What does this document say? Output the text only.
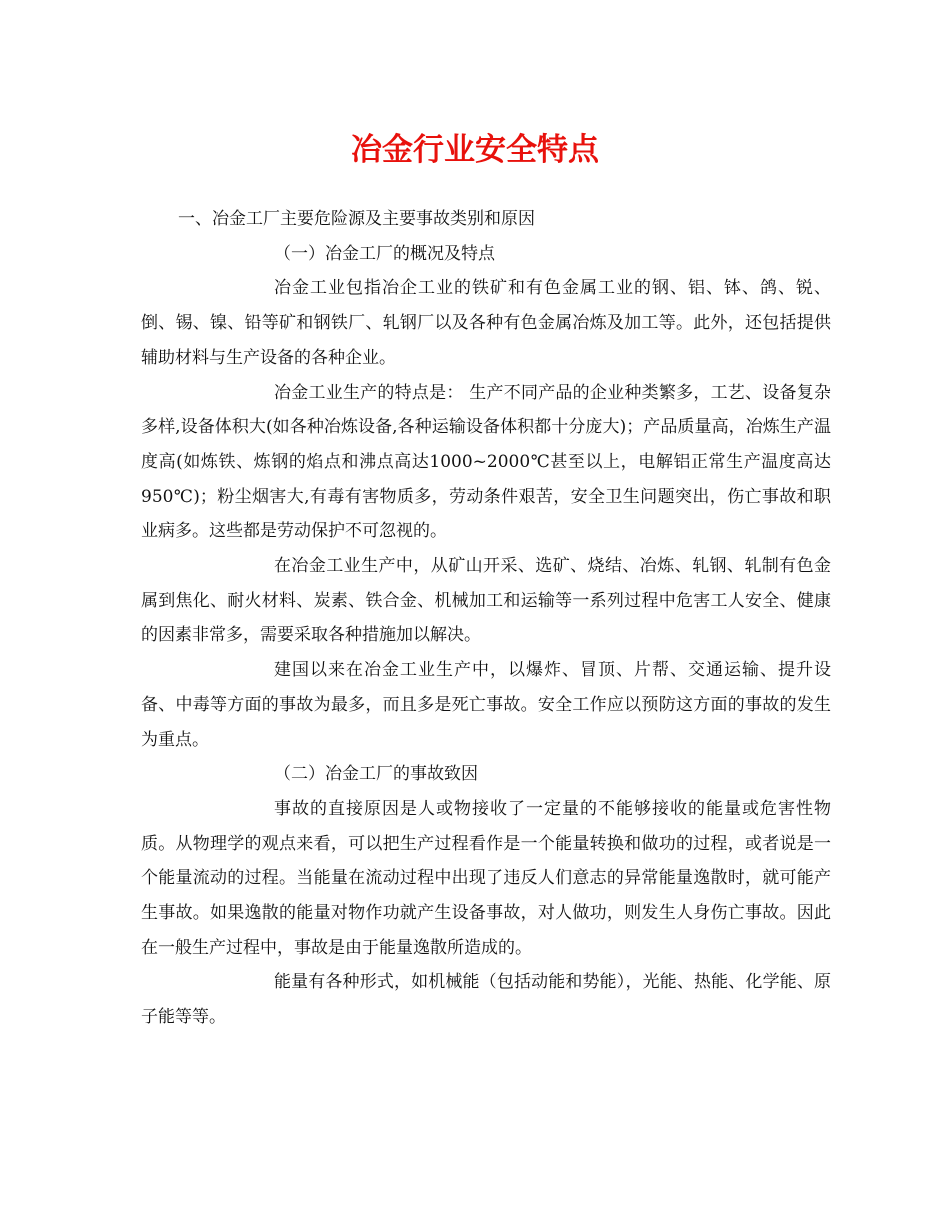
冶金行业安全特点

一、冶金工厂主要危险源及主要事故类别和原因

（一）冶金工厂的概况及特点

冶金工业包指冶企工业的铁矿和有色金属工业的钢、铝、钵、鸽、锐、倒、锡、镍、铅等矿和钢铁厂、轧钢厂以及各种有色金属冶炼及加工等。此外，还包括提供辅助材料与生产设备的各种企业。

冶金工业生产的特点是： 生产不同产品的企业种类繁多，工艺、设备复杂多样,设备体积大(如各种冶炼设备,各种运输设备体积都十分庞大)；产品质量高，冶炼生产温度高(如炼铁、炼钢的焰点和沸点高达1000~2000℃甚至以上，电解铝正常生产温度高达950℃)；粉尘烟害大,有毒有害物质多，劳动条件艰苦，安全卫生问题突出，伤亡事故和职业病多。这些都是劳动保护不可忽视的。

在冶金工业生产中，从矿山开采、选矿、烧结、冶炼、轧钢、轧制有色金属到焦化、耐火材料、炭素、铁合金、机械加工和运输等一系列过程中危害工人安全、健康的因素非常多，需要采取各种措施加以解决。

建国以来在冶金工业生产中，以爆炸、冒顶、片帮、交通运输、提升设备、中毒等方面的事故为最多，而且多是死亡事故。安全工作应以预防这方面的事故的发生为重点。

（二）冶金工厂的事故致因

事故的直接原因是人或物接收了一定量的不能够接收的能量或危害性物质。从物理学的观点来看，可以把生产过程看作是一个能量转换和做功的过程，或者说是一个能量流动的过程。当能量在流动过程中出现了违反人们意志的异常能量逸散时，就可能产生事故。如果逸散的能量对物作功就产生设备事故，对人做功，则发生人身伤亡事故。因此在一般生产过程中，事故是由于能量逸散所造成的。

能量有各种形式，如机械能（包括动能和势能），光能、热能、化学能、原子能等等。
